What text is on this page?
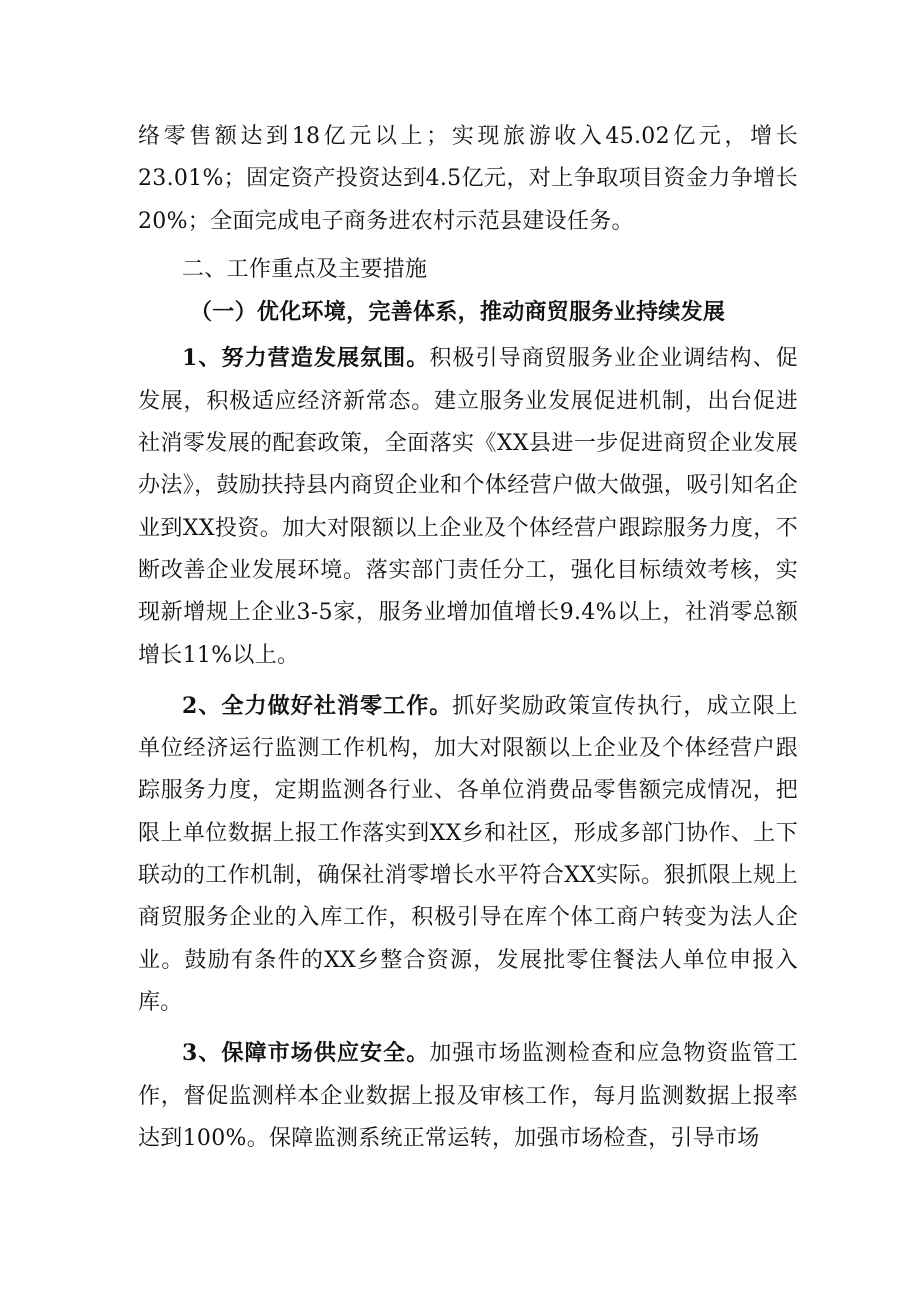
络零售额达到18亿元以上；实现旅游收入45.02亿元，增长23.01%；固定资产投资达到4.5亿元，对上争取项目资金力争增长20%；全面完成电子商务进农村示范县建设任务。

二、工作重点及主要措施

（一）优化环境，完善体系，推动商贸服务业持续发展

1、努力营造发展氛围。积极引导商贸服务业企业调结构、促发展，积极适应经济新常态。建立服务业发展促进机制，出台促进社消零发展的配套政策，全面落实《XX县进一步促进商贸企业发展办法》，鼓励扶持县内商贸企业和个体经营户做大做强，吸引知名企业到XX投资。加大对限额以上企业及个体经营户跟踪服务力度，不断改善企业发展环境。落实部门责任分工，强化目标绩效考核，实现新增规上企业3-5家，服务业增加值增长9.4%以上，社消零总额增长11%以上。

2、全力做好社消零工作。抓好奖励政策宣传执行，成立限上单位经济运行监测工作机构，加大对限额以上企业及个体经营户跟踪服务力度，定期监测各行业、各单位消费品零售额完成情况，把限上单位数据上报工作落实到XX乡和社区，形成多部门协作、上下联动的工作机制，确保社消零增长水平符合XX实际。狠抓限上规上商贸服务企业的入库工作，积极引导在库个体工商户转变为法人企业。鼓励有条件的XX乡整合资源，发展批零住餐法人单位申报入库。

3、保障市场供应安全。加强市场监测检查和应急物资监管工作，督促监测样本企业数据上报及审核工作，每月监测数据上报率达到100%。保障监测系统正常运转，加强市场检查，引导市场
